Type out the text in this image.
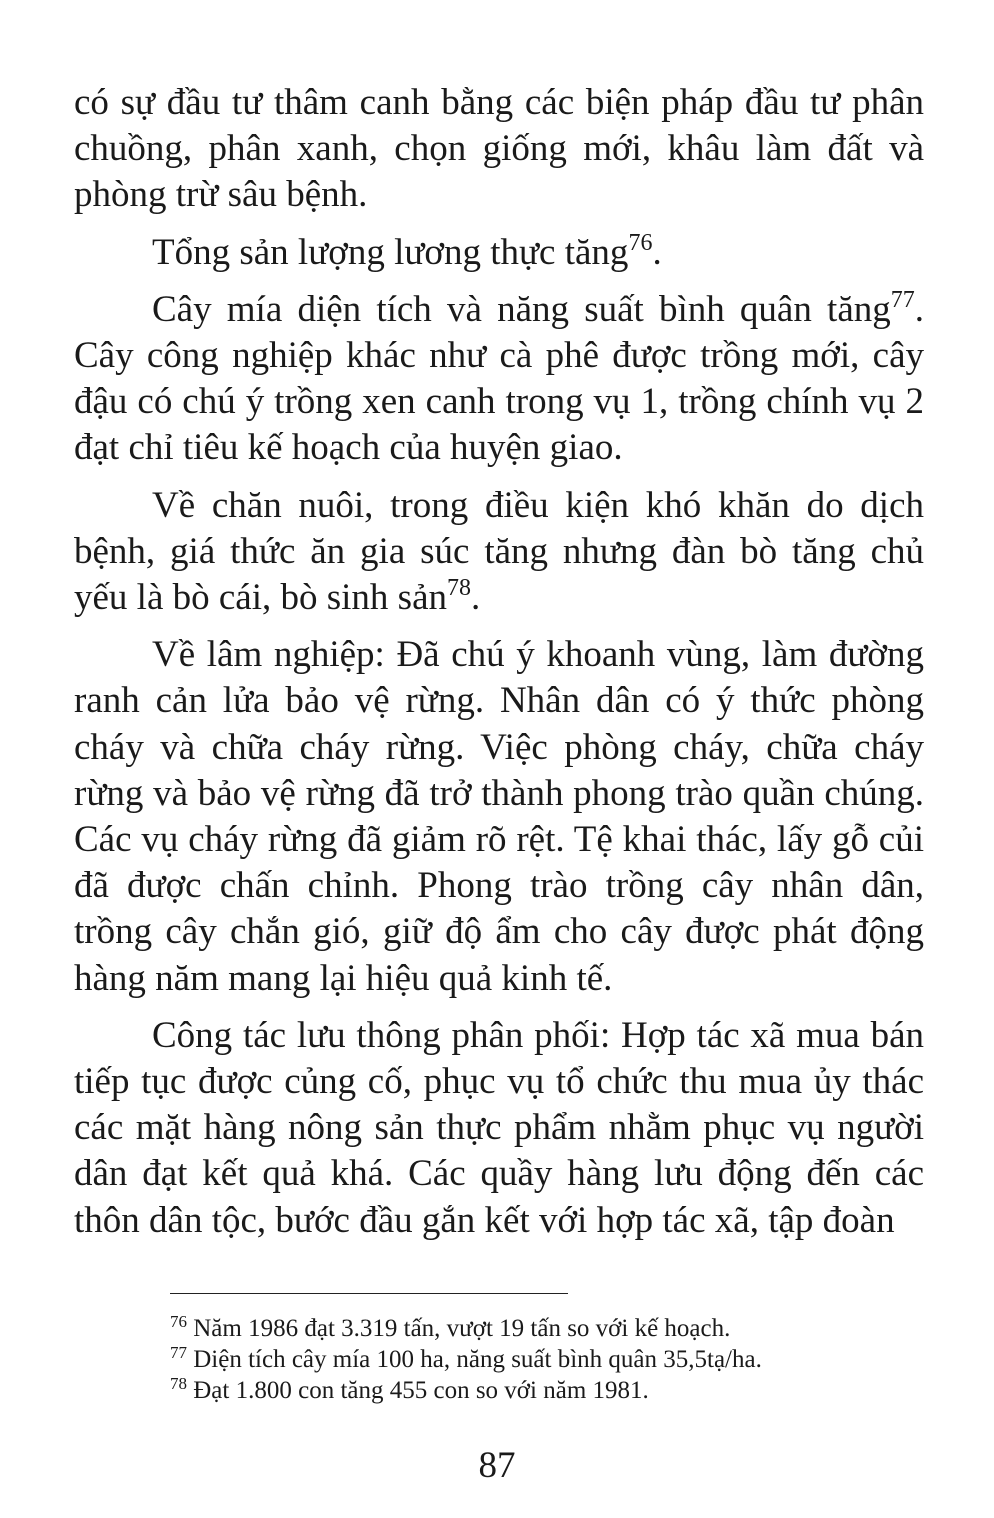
có sự đầu tư thâm canh bằng các biện pháp đầu tư phân chuồng, phân xanh, chọn giống mới, khâu làm đất và phòng trừ sâu bệnh.

Tổng sản lượng lương thực tăng$^{76}$.

Cây mía diện tích và năng suất bình quân tăng$^{77}$. Cây công nghiệp khác như cà phê được trồng mới, cây đậu có chú ý trồng xen canh trong vụ 1, trồng chính vụ 2 đạt chỉ tiêu kế hoạch của huyện giao.

Về chăn nuôi, trong điều kiện khó khăn do dịch bệnh, giá thức ăn gia súc tăng nhưng đàn bò tăng chủ yếu là bò cái, bò sinh sản$^{78}$.

Về lâm nghiệp: Đã chú ý khoanh vùng, làm đường ranh cản lửa bảo vệ rừng. Nhân dân có ý thức phòng cháy và chữa cháy rừng. Việc phòng cháy, chữa cháy rừng và bảo vệ rừng đã trở thành phong trào quần chúng. Các vụ cháy rừng đã giảm rõ rệt. Tệ khai thác, lấy gỗ củi đã được chấn chỉnh. Phong trào trồng cây nhân dân, trồng cây chắn gió, giữ độ ẩm cho cây được phát động hàng năm mang lại hiệu quả kinh tế.

Công tác lưu thông phân phối: Hợp tác xã mua bán tiếp tục được củng cố, phục vụ tổ chức thu mua ủy thác các mặt hàng nông sản thực phẩm nhằm phục vụ người dân đạt kết quả khá. Các quầy hàng lưu động đến các thôn dân tộc, bước đầu gắn kết với hợp tác xã, tập đoàn

$^{76}$ Năm 1986 đạt 3.319 tấn, vượt 19 tấn so với kế hoạch.
$^{77}$ Diện tích cây mía 100 ha, năng suất bình quân 35,5tạ/ha.
$^{78}$ Đạt 1.800 con tăng 455 con so với năm 1981.
87
